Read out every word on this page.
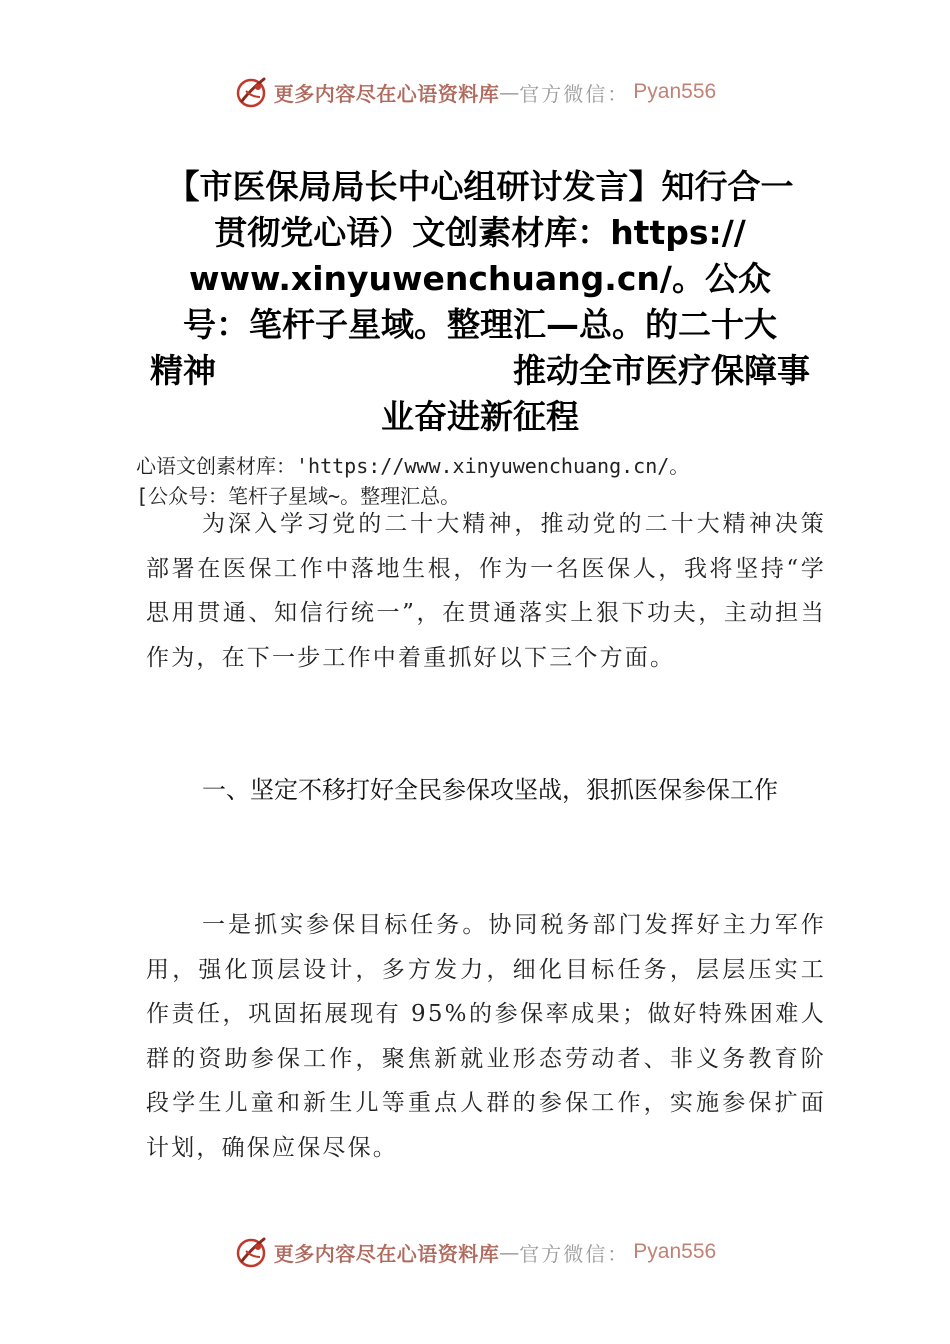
更多内容尽在心语资料库 — 官方微信： Pyan556
【市医保局局长中心组研讨发言】知行合一
贯彻党心语）文创素材库：https://
www.xinyuwenchuang.cn/。公众
号：笔杆子星域。整理汇—总。的二十大
精神	推动全市医疗保障事
业奋进新征程
心语文创素材库：'https://www.xinyuwenchuang.cn/。
[公众号：笔杆子星域~。整理汇总。

为深入学习党的二十大精神，推动党的二十大精神决策部署在医保工作中落地生根，作为一名医保人，我将坚持“学思用贯通、知信行统一”，在贯通落实上狠下功夫，主动担当作为，在下一步工作中着重抓好以下三个方面。

一、坚定不移打好全民参保攻坚战，狠抓医保参保工作

一是抓实参保目标任务。协同税务部门发挥好主力军作用，强化顶层设计，多方发力，细化目标任务，层层压实工作责任，巩固拓展现有 95%的参保率成果；做好特殊困难人群的资助参保工作，聚焦新就业形态劳动者、非义务教育阶段学生儿童和新生儿等重点人群的参保工作，实施参保扩面计划，确保应保尽保。

更多内容尽在心语资料库 — 官方微信： Pyan556
